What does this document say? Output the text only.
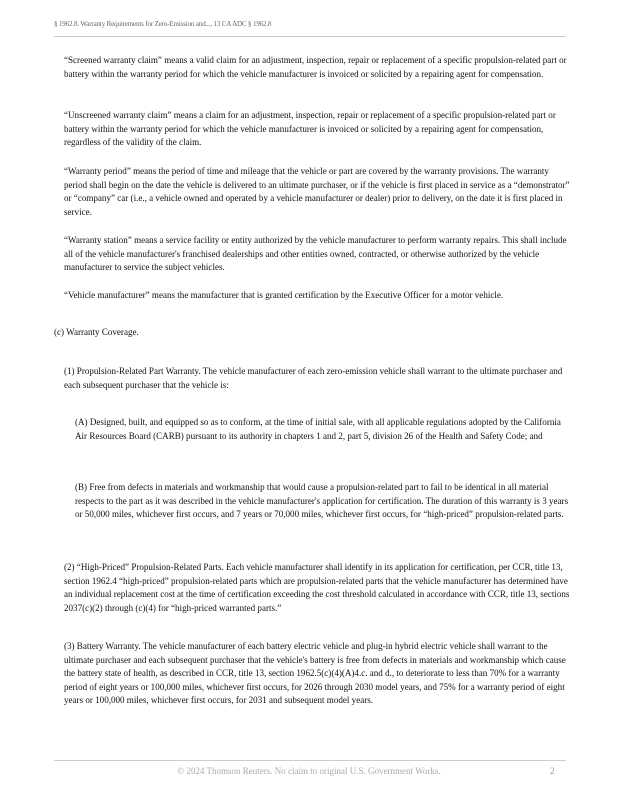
§ 1962.8. Warranty Requirements for Zero-Emission and..., 13 CA ADC § 1962.8

“Screened warranty claim” means a valid claim for an adjustment, inspection, repair or replacement of a specific propulsion-related part or battery within the warranty period for which the vehicle manufacturer is invoiced or solicited by a repairing agent for compensation.

“Unscreened warranty claim” means a claim for an adjustment, inspection, repair or replacement of a specific propulsion-related part or battery within the warranty period for which the vehicle manufacturer is invoiced or solicited by a repairing agent for compensation, regardless of the validity of the claim.

“Warranty period” means the period of time and mileage that the vehicle or part are covered by the warranty provisions. The warranty period shall begin on the date the vehicle is delivered to an ultimate purchaser, or if the vehicle is first placed in service as a “demonstrator” or “company” car (i.e., a vehicle owned and operated by a vehicle manufacturer or dealer) prior to delivery, on the date it is first placed in service.

“Warranty station” means a service facility or entity authorized by the vehicle manufacturer to perform warranty repairs. This shall include all of the vehicle manufacturer's franchised dealerships and other entities owned, contracted, or otherwise authorized by the vehicle manufacturer to service the subject vehicles.

“Vehicle manufacturer” means the manufacturer that is granted certification by the Executive Officer for a motor vehicle.

(c) Warranty Coverage.

(1) Propulsion-Related Part Warranty. The vehicle manufacturer of each zero-emission vehicle shall warrant to the ultimate purchaser and each subsequent purchaser that the vehicle is:

(A) Designed, built, and equipped so as to conform, at the time of initial sale, with all applicable regulations adopted by the California Air Resources Board (CARB) pursuant to its authority in chapters 1 and 2, part 5, division 26 of the Health and Safety Code; and

(B) Free from defects in materials and workmanship that would cause a propulsion-related part to fail to be identical in all material respects to the part as it was described in the vehicle manufacturer's application for certification. The duration of this warranty is 3 years or 50,000 miles, whichever first occurs, and 7 years or 70,000 miles, whichever first occurs, for “high-priced” propulsion-related parts.

(2) “High-Priced” Propulsion-Related Parts. Each vehicle manufacturer shall identify in its application for certification, per CCR, title 13, section 1962.4 “high-priced” propulsion-related parts which are propulsion-related parts that the vehicle manufacturer has determined have an individual replacement cost at the time of certification exceeding the cost threshold calculated in accordance with CCR, title 13, sections 2037(c)(2) through (c)(4) for “high-priced warranted parts.”

(3) Battery Warranty. The vehicle manufacturer of each battery electric vehicle and plug-in hybrid electric vehicle shall warrant to the ultimate purchaser and each subsequent purchaser that the vehicle's battery is free from defects in materials and workmanship which cause the battery state of health, as described in CCR, title 13, section 1962.5(c)(4)(A)4.c. and d., to deteriorate to less than 70% for a warranty period of eight years or 100,000 miles, whichever first occurs, for 2026 through 2030 model years, and 75% for a warranty period of eight years or 100,000 miles, whichever first occurs, for 2031 and subsequent model years.

© 2024 Thomson Reuters. No claim to original U.S. Government Works.	2
